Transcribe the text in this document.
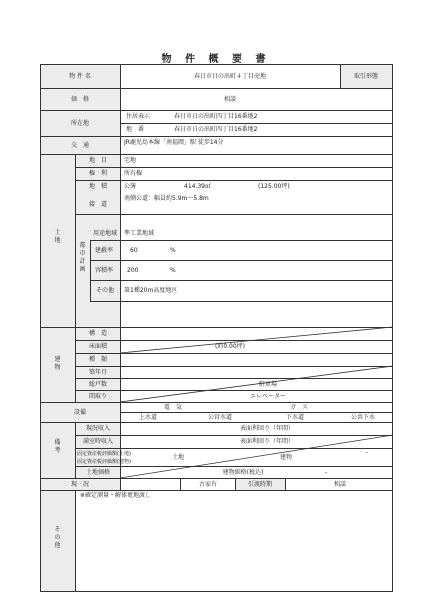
物 件 概 要 書
物 件 名	春日市日の出町４丁目売地	取引形態
価　格	相談
所在地
住居表示	春日市日の出町四丁目16番地2
地　番	春日市日の出町四丁目16番地2
交　通	JR鹿児島本線「南福岡」駅 徒歩14分
土地
地　目	宅地
権　利	所有権
地　積	公簿	414.39㎡	(125.00坪)
接　道
南側公道：幅員約5.9m～5.8m
都市計画
用途地域 準工業地域
建蔽率	60	%
容積率 200	%
その他 第1種20m高度地区
建物
構　造
床面積	(約0.00坪)
種　類
築年月
総戸数	駐車場
間取り	エレベーター
設備
電　気	ガ　ス
上水道	公営水道	下水道	公共下水
備考
現況収入	表面利回り（年間）
満室時収入	表面利回り（年間）
固定資産税評価額(土地)
固定資産税評価額(建物)
土地	建物
-
土地価格	-	建物価格(税込)	-
現　況	古家有	引渡時期	相談
その他
※確定測量・解体更地渡し
